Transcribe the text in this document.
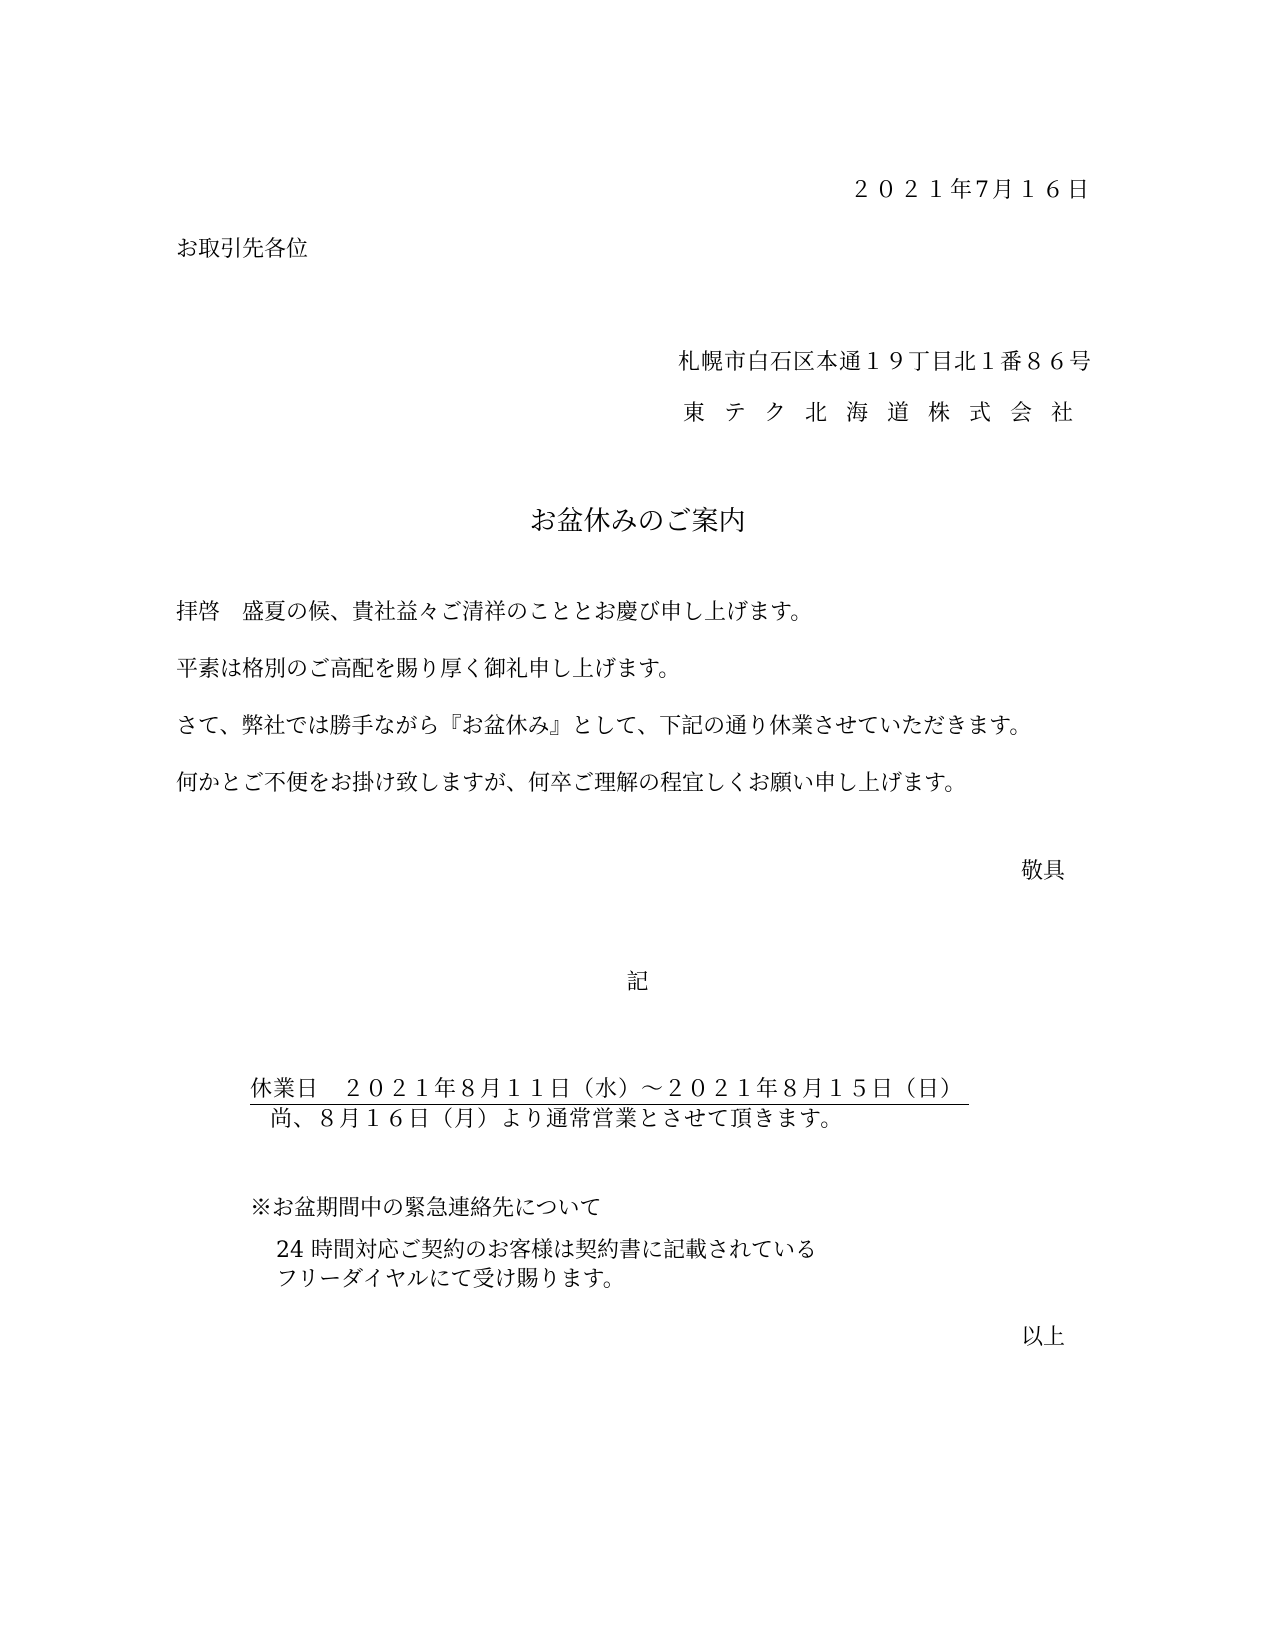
２０２１年7月１６日
お取引先各位
札幌市白石区本通１９丁目北１番８６号
東テク北海道株式会社
お盆休みのご案内
拝啓　盛夏の候、貴社益々ご清祥のこととお慶び申し上げます。
平素は格別のご高配を賜り厚く御礼申し上げます。
さて、弊社では勝手ながら『お盆休み』として、下記の通り休業させていただきます。
何かとご不便をお掛け致しますが、何卒ご理解の程宜しくお願い申し上げます。
敬具
記
休業日　２０２１年８月１１日（水）～２０２１年８月１５日（日）
尚、８月１６日（月）より通常営業とさせて頂きます。
※お盆期間中の緊急連絡先について
24 時間対応ご契約のお客様は契約書に記載されている
フリーダイヤルにて受け賜ります。
以上
